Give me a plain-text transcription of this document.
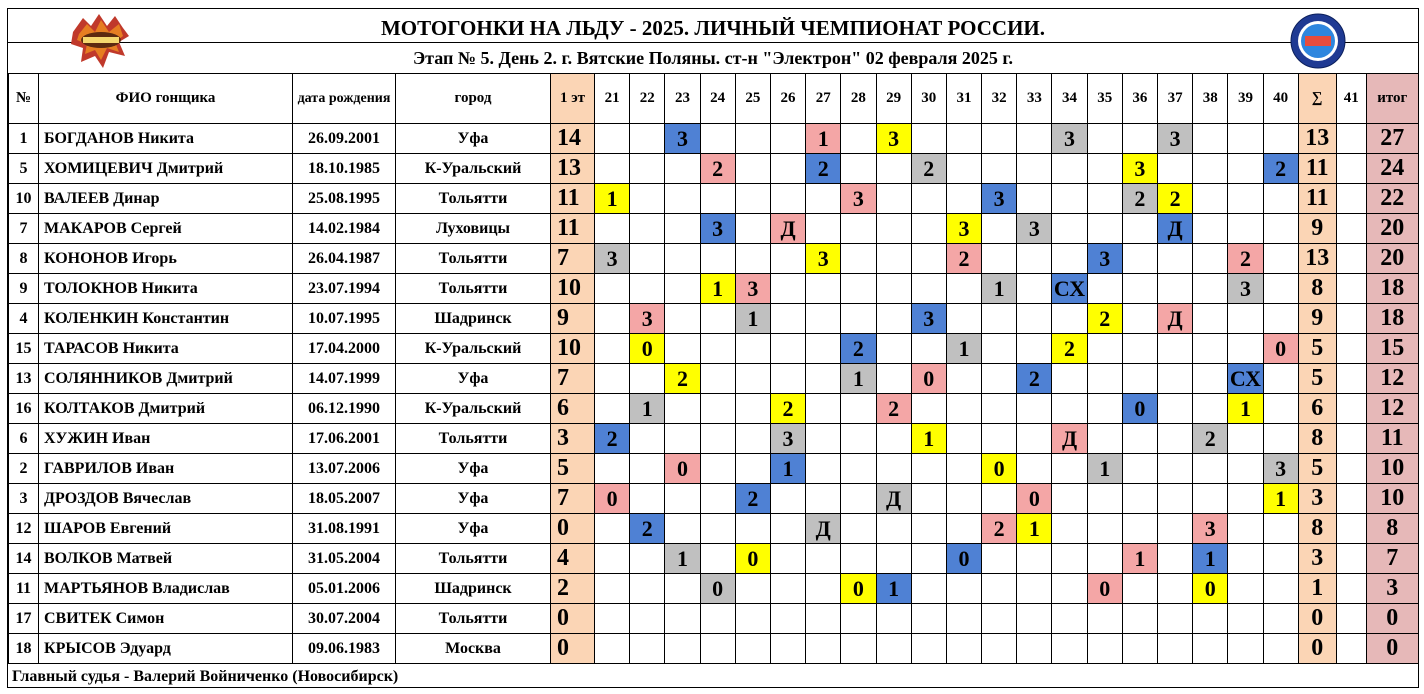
МОТОГОНКИ НА ЛЬДУ - 2025. ЛИЧНЫЙ ЧЕМПИОНАТ РОССИИ.
Этап № 5. День 2. г. Вятские Поляны. ст-н "Электрон" 02 февраля 2025 г.
№	ФИО гонщика	дата рождения	город	1 эт	21	22	23	24	25	26	27	28	29	30	31	32	33	34	35	36	37	38	39	40	∑	41	итог
1	БОГДАНОВ Никита	26.09.2001	Уфа	14			3				1		3					3			3				13		27
5	ХОМИЦЕВИЧ Дмитрий	18.10.1985	К-Уральский	13				2			2			2						3				2	11		24
10	ВАЛЕЕВ Динар	25.08.1995	Тольятти	11	1							3				3				2	2				11		22
7	МАКАРОВ Сергей	14.02.1984	Луховицы	11				3		Д					3		3				Д				9		20
8	КОНОНОВ Игорь	26.04.1987	Тольятти	7	3						3				2				3				2		13		20
9	ТОЛОКНОВ Никита	23.07.1994	Тольятти	10				1	3							1		СХ					3		8		18
4	КОЛЕНКИН Константин	10.07.1995	Шадринск	9		3			1					3					2		Д				9		18
15	ТАРАСОВ Никита	17.04.2000	К-Уральский	10		0						2			1			2						0	5		15
13	СОЛЯННИКОВ Дмитрий	14.07.1999	Уфа	7			2					1		0			2						СХ		5		12
16	КОЛТАКОВ Дмитрий	06.12.1990	К-Уральский	6		1				2			2							0			1		6		12
6	ХУЖИН Иван	17.06.2001	Тольятти	3	2					3				1				Д				2			8		11
2	ГАВРИЛОВ Иван	13.07.2006	Уфа	5			0			1						0			1					3	5		10
3	ДРОЗДОВ Вячеслав	18.05.2007	Уфа	7	0				2				Д				0							1	3		10
12	ШАРОВ Евгений	31.08.1991	Уфа	0		2					Д					2	1					3			8		8
14	ВОЛКОВ Матвей	31.05.2004	Тольятти	4			1		0						0					1		1			3		7
11	МАРТЬЯНОВ Владислав	05.01.2006	Шадринск	2				0				0	1						0			0			1		3
17	СВИТЕК Симон	30.07.2004	Тольятти	0																					0		0
18	КРЫСОВ Эдуард	09.06.1983	Москва	0																					0		0
Главный судья - Валерий Войниченко (Новосибирск)
